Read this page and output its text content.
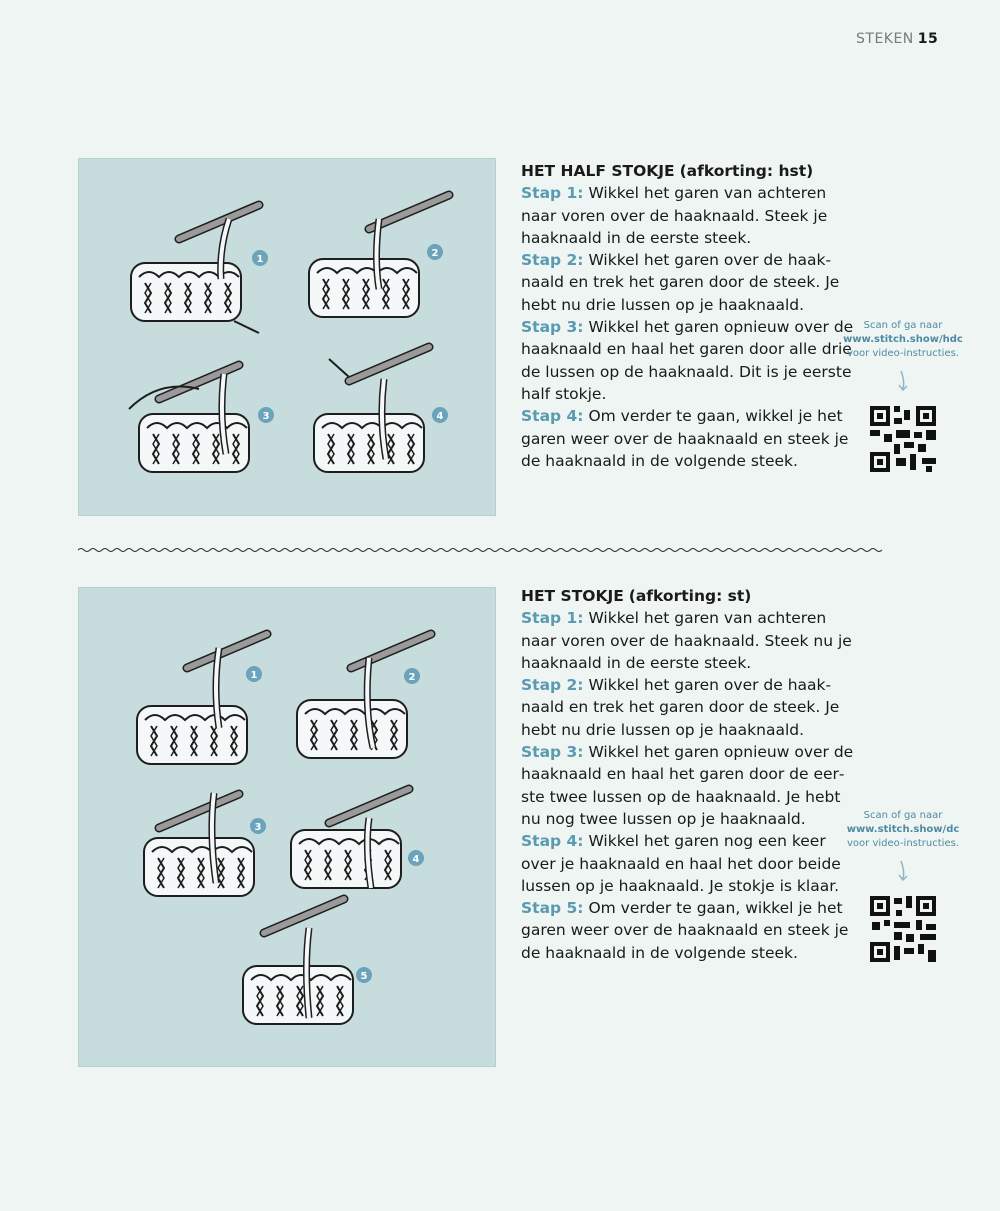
STEKEN 15
1
2
3	4

HET HALF STOKJE (afkorting: hst)

Stap 1: Wikkel het garen van achteren naar voren over de haaknaald. Steek je haaknaald in de eerste steek.

Stap 2: Wikkel het garen over de haaknaald en trek het garen door de steek. Je hebt nu drie lussen op je haaknaald.

Stap 3: Wikkel het garen opnieuw over de haaknaald en haal het garen door alle drie de lussen op de haaknaald. Dit is je eerste half stokje.

Stap 4: Om verder te gaan, wikkel je het garen weer over de haaknaald en steek je de haaknaald in de volgende steek.

Scan of ga naar
www.stitch.show/hdc
voor video-instructies.
1	2
3
4
5

HET STOKJE (afkorting: st)

Stap 1: Wikkel het garen van achteren naar voren over de haaknaald. Steek nu je haaknaald in de eerste steek.

Stap 2: Wikkel het garen over de haaknaald en trek het garen door de steek. Je hebt nu drie lussen op je haaknaald.

Stap 3: Wikkel het garen opnieuw over de haaknaald en haal het garen door de eerste twee lussen op de haaknaald. Je hebt nu nog twee lussen op je haaknaald.

Stap 4: Wikkel het garen nog een keer over je haaknaald en haal het door beide lussen op je haaknaald. Je stokje is klaar.

Stap 5: Om verder te gaan, wikkel je het garen weer over de haaknaald en steek je de haaknaald in de volgende steek.

Scan of ga naar
www.stitch.show/dc
voor video-instructies.
